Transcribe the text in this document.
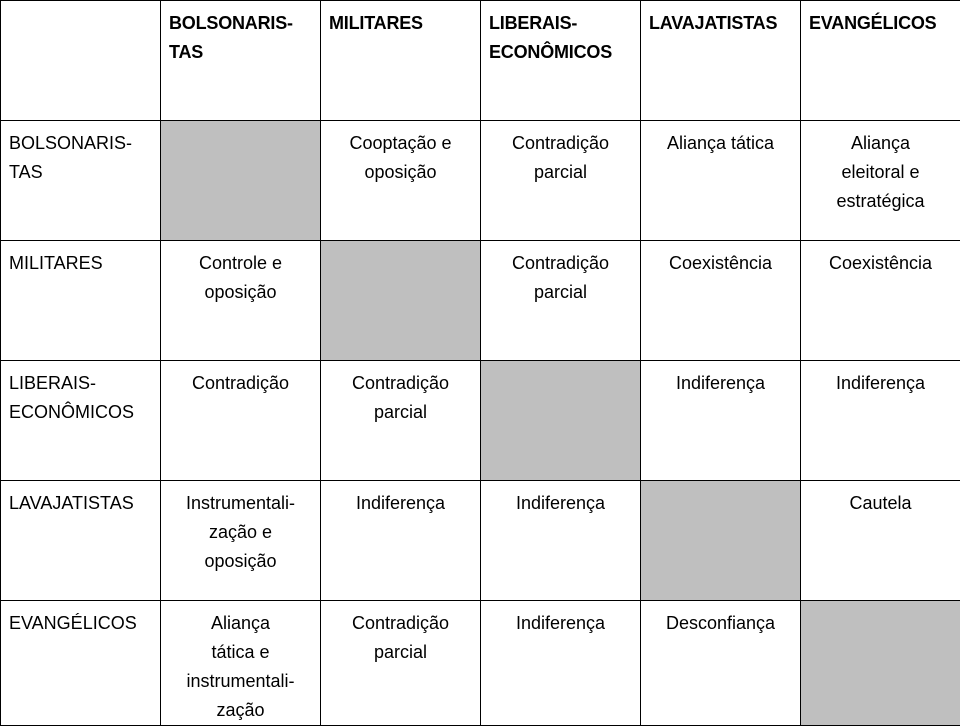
	BOLSONARIS-
TAS	MILITARES	LIBERAIS-
ECONÔMICOS	LAVAJATISTAS	EVANGÉLICOS
BOLSONARIS-
TAS		Cooptação e
oposição	Contradição
parcial	Aliança tática	Aliança
eleitoral e
estratégica
MILITARES	Controle e
oposição		Contradição
parcial	Coexistência	Coexistência
LIBERAIS-
ECONÔMICOS	Contradição	Contradição
parcial		Indiferença	Indiferença
LAVAJATISTAS	Instrumentali-
zação e
oposição	Indiferença	Indiferença		Cautela
EVANGÉLICOS	Aliança
tática e
instrumentali-
zação	Contradição
parcial	Indiferença	Desconfiança	
